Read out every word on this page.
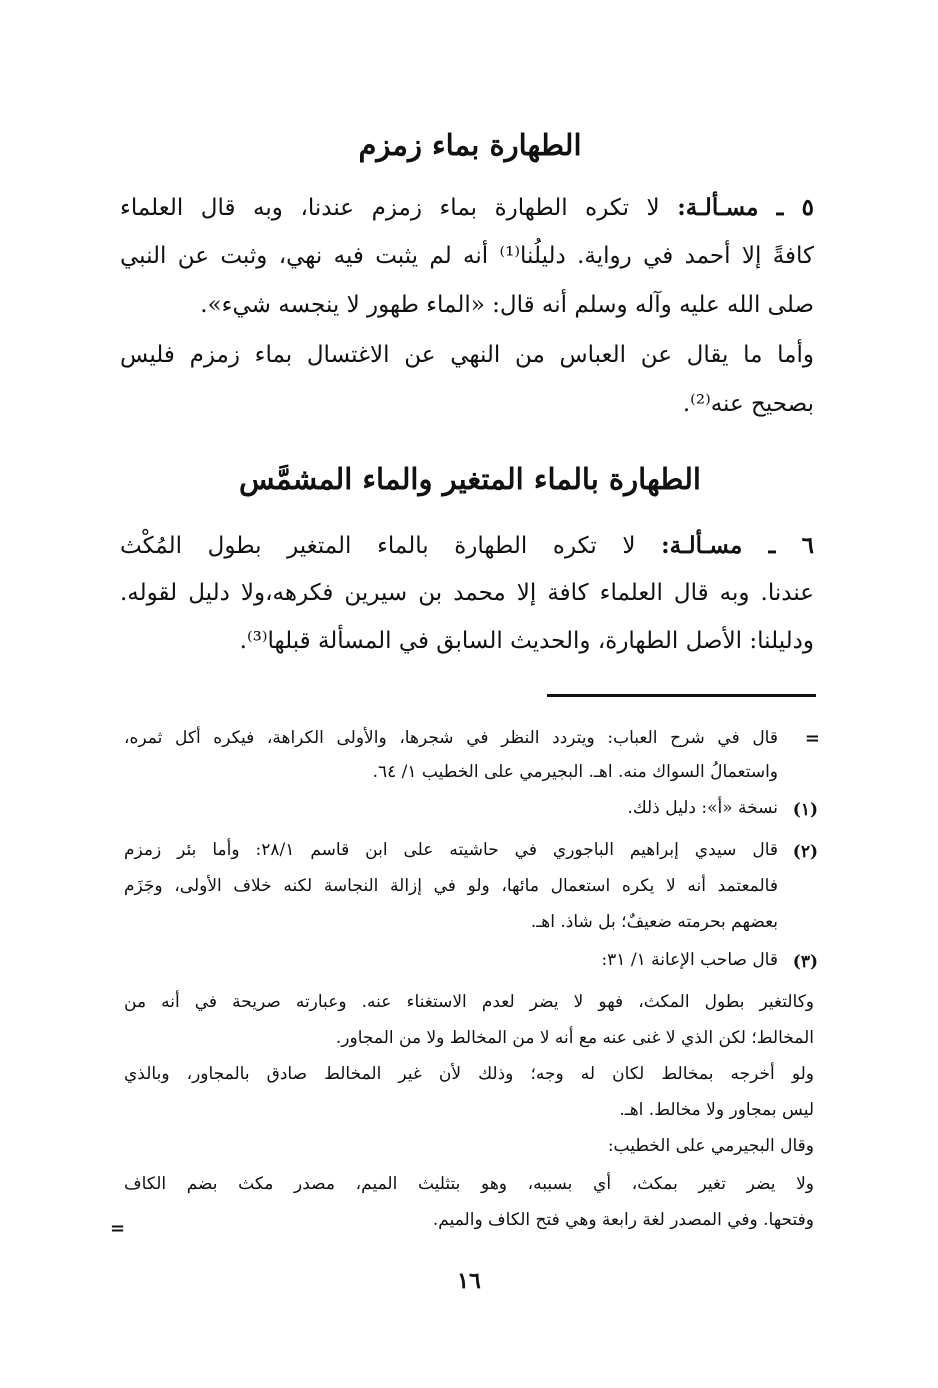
الطهارة بماء زمزم
٥ ـ مسـألـة: لا تكره الطهارة بماء زمزم عندنا، وبه قال العلماء
كافةً إلا أحمد في رواية. دليلُنا⁽¹⁾ أنه لم يثبت فيه نهي، وثبت عن النبي
صلى الله عليه وآله وسلم أنه قال: «الماء طهور لا ينجسه شيء».
وأما ما يقال عن العباس من النهي عن الاغتسال بماء زمزم فليس
بصحيح عنه⁽²⁾.
الطهارة بالماء المتغير والماء المشمَّس
٦ ـ مسـألـة: لا تكره الطهارة بالماء المتغير بطول المُكْث
عندنا. وبه قال العلماء كافة إلا محمد بن سيرين فكرهه،ولا دليل لقوله.
ودليلنا: الأصل الطهارة، والحديث السابق في المسألة قبلها⁽³⁾.
=
قال في شرح العباب: ويتردد النظر في شجرها، والأولى الكراهة، فيكره أكل ثمره،
واستعمالُ السواك منه. اهـ. البجيرمي على الخطيب ١/ ٦٤.
(١)
نسخة «أ»: دليل ذلك.
(٢)
قال سيدي إبراهيم الباجوري في حاشيته على ابن قاسم ٢٨/١: وأما بئر زمزم
فالمعتمد أنه لا يكره استعمال مائها، ولو في إزالة النجاسة لكنه خلاف الأولى، وجَزَم
بعضهم بحرمته ضعيفٌ؛ بل شاذ. اهـ.
(٣)
قال صاحب الإعانة ١/ ٣١:
وكالتغير بطول المكث، فهو لا يضر لعدم الاستغناء عنه. وعبارته صريحة في أنه من
المخالط؛ لكن الذي لا غنى عنه مع أنه لا من المخالط ولا من المجاور.
ولو أخرجه بمخالط لكان له وجه؛ وذلك لأن غير المخالط صادق بالمجاور، وبالذي
ليس بمجاور ولا مخالط. اهـ.
وقال البجيرمي على الخطيب:
ولا يضر تغير بمكث، أي بسببه، وهو بتثليث الميم، مصدر مكث بضم الكاف
وفتحها. وفي المصدر لغة رابعة وهي فتح الكاف والميم.
=
١٦
